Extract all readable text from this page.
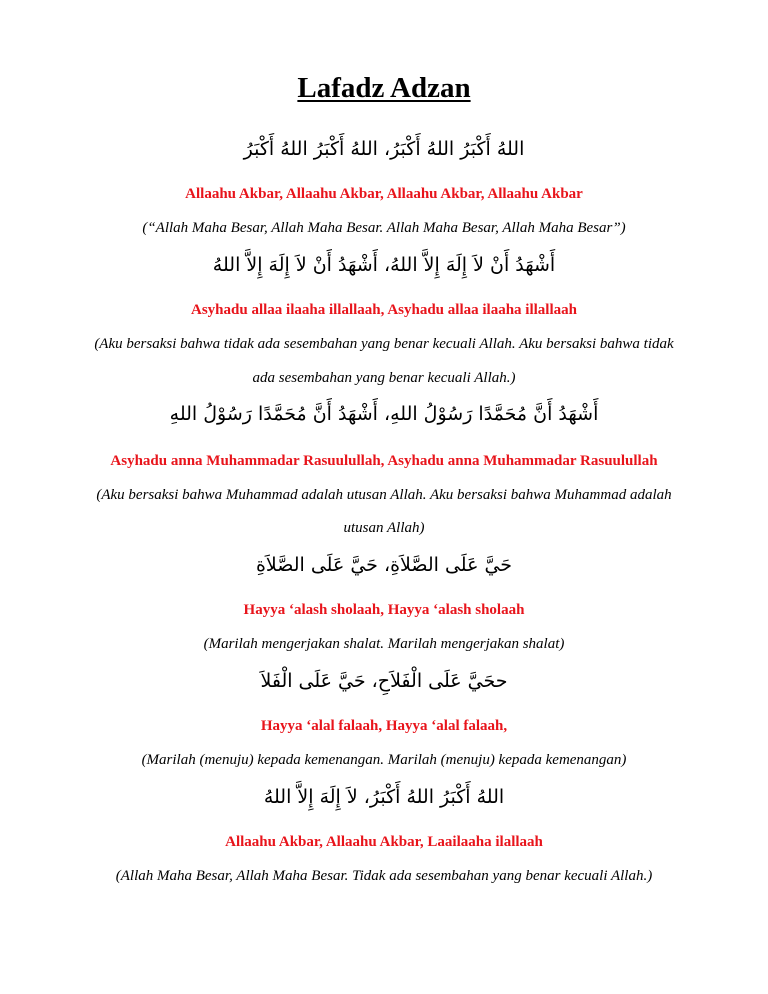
Lafadz Adzan
اللهُ أَكْبَرُ اللهُ أَكْبَرُ، اللهُ أَكْبَرُ اللهُ أَكْبَرُ
Allaahu Akbar, Allaahu Akbar, Allaahu Akbar, Allaahu Akbar
(“Allah Maha Besar, Allah Maha Besar. Allah Maha Besar, Allah Maha Besar”)
أَشْهَدُ أَنْ لاَ إِلَهَ إِلاَّ اللهُ، أَشْهَدُ أَنْ لاَ إِلَهَ إِلاَّ اللهُ
Asyhadu allaa ilaaha illallaah, Asyhadu allaa ilaaha illallaah
(Aku bersaksi bahwa tidak ada sesembahan yang benar kecuali Allah. Aku bersaksi bahwa tidak
ada sesembahan yang benar kecuali Allah.)
أَشْهَدُ أَنَّ مُحَمَّدًا رَسُوْلُ اللهِ، أَشْهَدُ أَنَّ مُحَمَّدًا رَسُوْلُ اللهِ
Asyhadu anna Muhammadar Rasuulullah, Asyhadu anna Muhammadar Rasuulullah
(Aku bersaksi bahwa Muhammad adalah utusan Allah. Aku bersaksi bahwa Muhammad adalah
utusan Allah)
حَيَّ عَلَى الصَّلاَةِ، حَيَّ عَلَى الصَّلاَةِ
Hayya ‘alash sholaah, Hayya ‘alash sholaah
(Marilah mengerjakan shalat. Marilah mengerjakan shalat)
ححَيَّ عَلَى الْفَلاَحِ، حَيَّ عَلَى الْفَلاَ
Hayya ‘alal falaah, Hayya ‘alal falaah,
(Marilah (menuju) kepada kemenangan. Marilah (menuju) kepada kemenangan)
اللهُ أَكْبَرُ اللهُ أَكْبَرُ، لاَ إِلَهَ إِلاَّ اللهُ
Allaahu Akbar, Allaahu Akbar, Laailaaha ilallaah
(Allah Maha Besar, Allah Maha Besar. Tidak ada sesembahan yang benar kecuali Allah.)
